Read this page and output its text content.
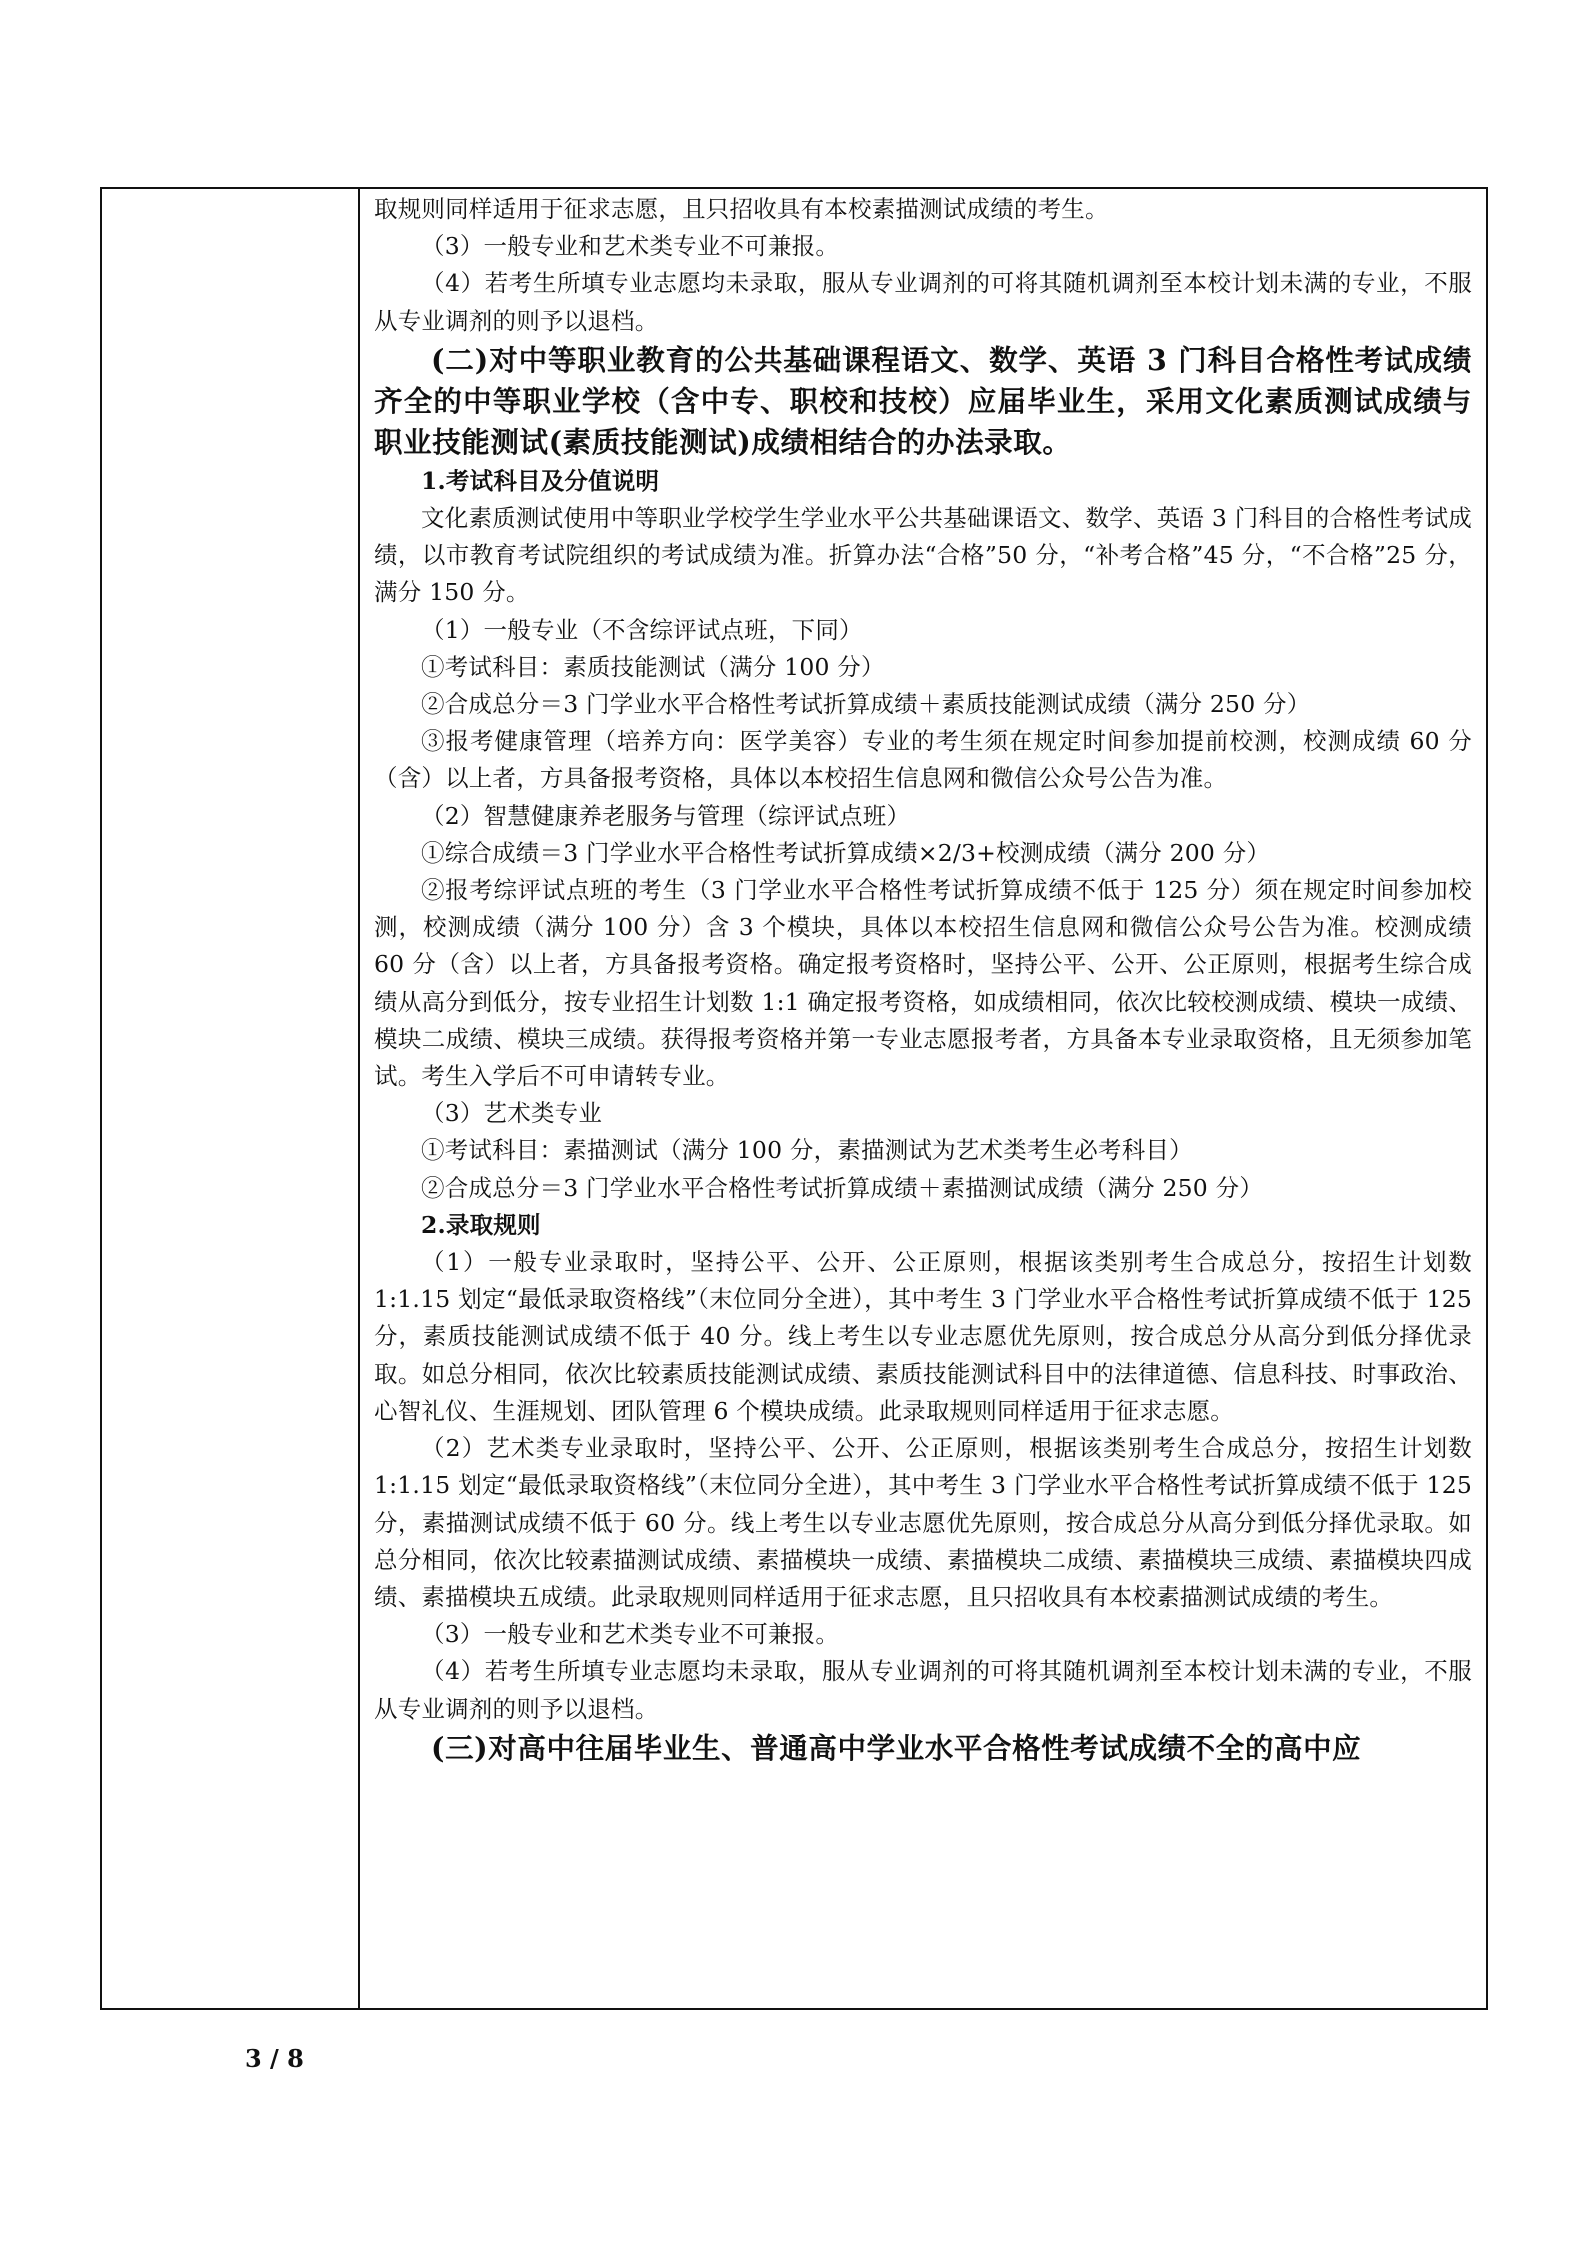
取规则同样适用于征求志愿，且只招收具有本校素描测试成绩的考生。

（3）一般专业和艺术类专业不可兼报。

（4）若考生所填专业志愿均未录取，服从专业调剂的可将其随机调剂至本校计划未满的专业，不服从专业调剂的则予以退档。

(二)对中等职业教育的公共基础课程语文、数学、英语 3 门科目合格性考试成绩齐全的中等职业学校（含中专、职校和技校）应届毕业生，采用文化素质测试成绩与职业技能测试(素质技能测试)成绩相结合的办法录取。

1.考试科目及分值说明

文化素质测试使用中等职业学校学生学业水平公共基础课语文、数学、英语 3 门科目的合格性考试成绩，以市教育考试院组织的考试成绩为准。折算办法“合格”50 分，“补考合格”45 分，“不合格”25 分，满分 150 分。

（1）一般专业（不含综评试点班，下同）

①考试科目：素质技能测试（满分 100 分）

②合成总分＝3 门学业水平合格性考试折算成绩＋素质技能测试成绩（满分 250 分）

③报考健康管理（培养方向：医学美容）专业的考生须在规定时间参加提前校测，校测成绩 60 分（含）以上者，方具备报考资格，具体以本校招生信息网和微信公众号公告为准。

（2）智慧健康养老服务与管理（综评试点班）

①综合成绩＝3 门学业水平合格性考试折算成绩×2/3+校测成绩（满分 200 分）

②报考综评试点班的考生（3 门学业水平合格性考试折算成绩不低于 125 分）须在规定时间参加校测，校测成绩（满分 100 分）含 3 个模块，具体以本校招生信息网和微信公众号公告为准。校测成绩 60 分（含）以上者，方具备报考资格。确定报考资格时，坚持公平、公开、公正原则，根据考生综合成绩从高分到低分，按专业招生计划数 1:1 确定报考资格，如成绩相同，依次比较校测成绩、模块一成绩、模块二成绩、模块三成绩。获得报考资格并第一专业志愿报考者，方具备本专业录取资格，且无须参加笔试。考生入学后不可申请转专业。

（3）艺术类专业

①考试科目：素描测试（满分 100 分，素描测试为艺术类考生必考科目）

②合成总分＝3 门学业水平合格性考试折算成绩＋素描测试成绩（满分 250 分）

2.录取规则

（1）一般专业录取时，坚持公平、公开、公正原则，根据该类别考生合成总分，按招生计划数 1:1.15 划定“最低录取资格线”（末位同分全进），其中考生 3 门学业水平合格性考试折算成绩不低于 125 分，素质技能测试成绩不低于 40 分。线上考生以专业志愿优先原则，按合成总分从高分到低分择优录取。如总分相同，依次比较素质技能测试成绩、素质技能测试科目中的法律道德、信息科技、时事政治、心智礼仪、生涯规划、团队管理 6 个模块成绩。此录取规则同样适用于征求志愿。

（2）艺术类专业录取时，坚持公平、公开、公正原则，根据该类别考生合成总分，按招生计划数 1:1.15 划定“最低录取资格线”（末位同分全进），其中考生 3 门学业水平合格性考试折算成绩不低于 125 分，素描测试成绩不低于 60 分。线上考生以专业志愿优先原则，按合成总分从高分到低分择优录取。如总分相同，依次比较素描测试成绩、素描模块一成绩、素描模块二成绩、素描模块三成绩、素描模块四成绩、素描模块五成绩。此录取规则同样适用于征求志愿，且只招收具有本校素描测试成绩的考生。

（3）一般专业和艺术类专业不可兼报。

（4）若考生所填专业志愿均未录取，服从专业调剂的可将其随机调剂至本校计划未满的专业，不服从专业调剂的则予以退档。

(三)对高中往届毕业生、普通高中学业水平合格性考试成绩不全的高中应

3 / 8
